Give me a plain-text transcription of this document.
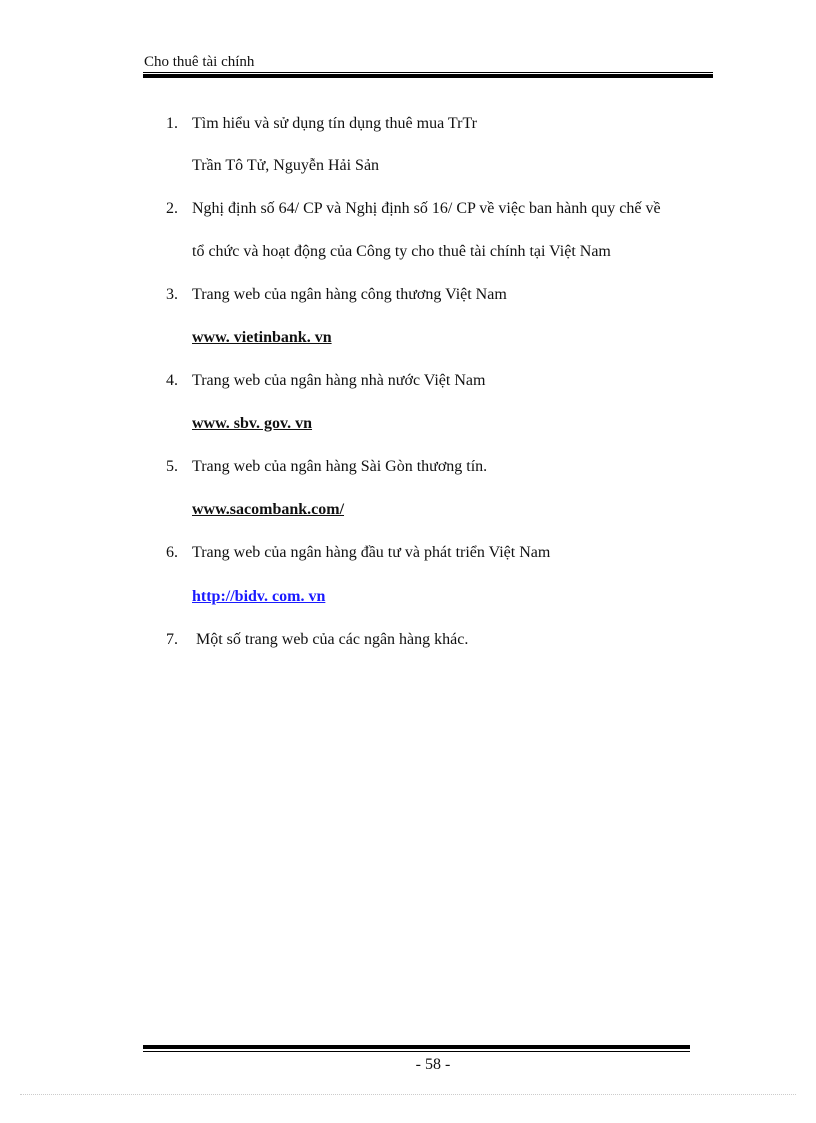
Cho thuê tài chính
1. Tìm hiểu và sử dụng tín dụng thuê mua TrTr
Trần Tô Tử, Nguyễn Hải Sản
2. Nghị định số 64/ CP và Nghị định số 16/ CP về việc ban hành quy chế về
tổ chức và hoạt động của Công ty cho thuê tài chính tại Việt Nam
3. Trang web của ngân hàng công thương Việt Nam
www. vietinbank. vn
4. Trang web của ngân hàng nhà nước Việt Nam
www. sbv. gov. vn
5. Trang web của ngân hàng Sài Gòn thương tín.
www.sacombank.com/
6. Trang web của ngân hàng đầu tư và phát triển Việt Nam
http://bidv. com. vn
7. Một số trang web của các ngân hàng khác.
- 58 -
